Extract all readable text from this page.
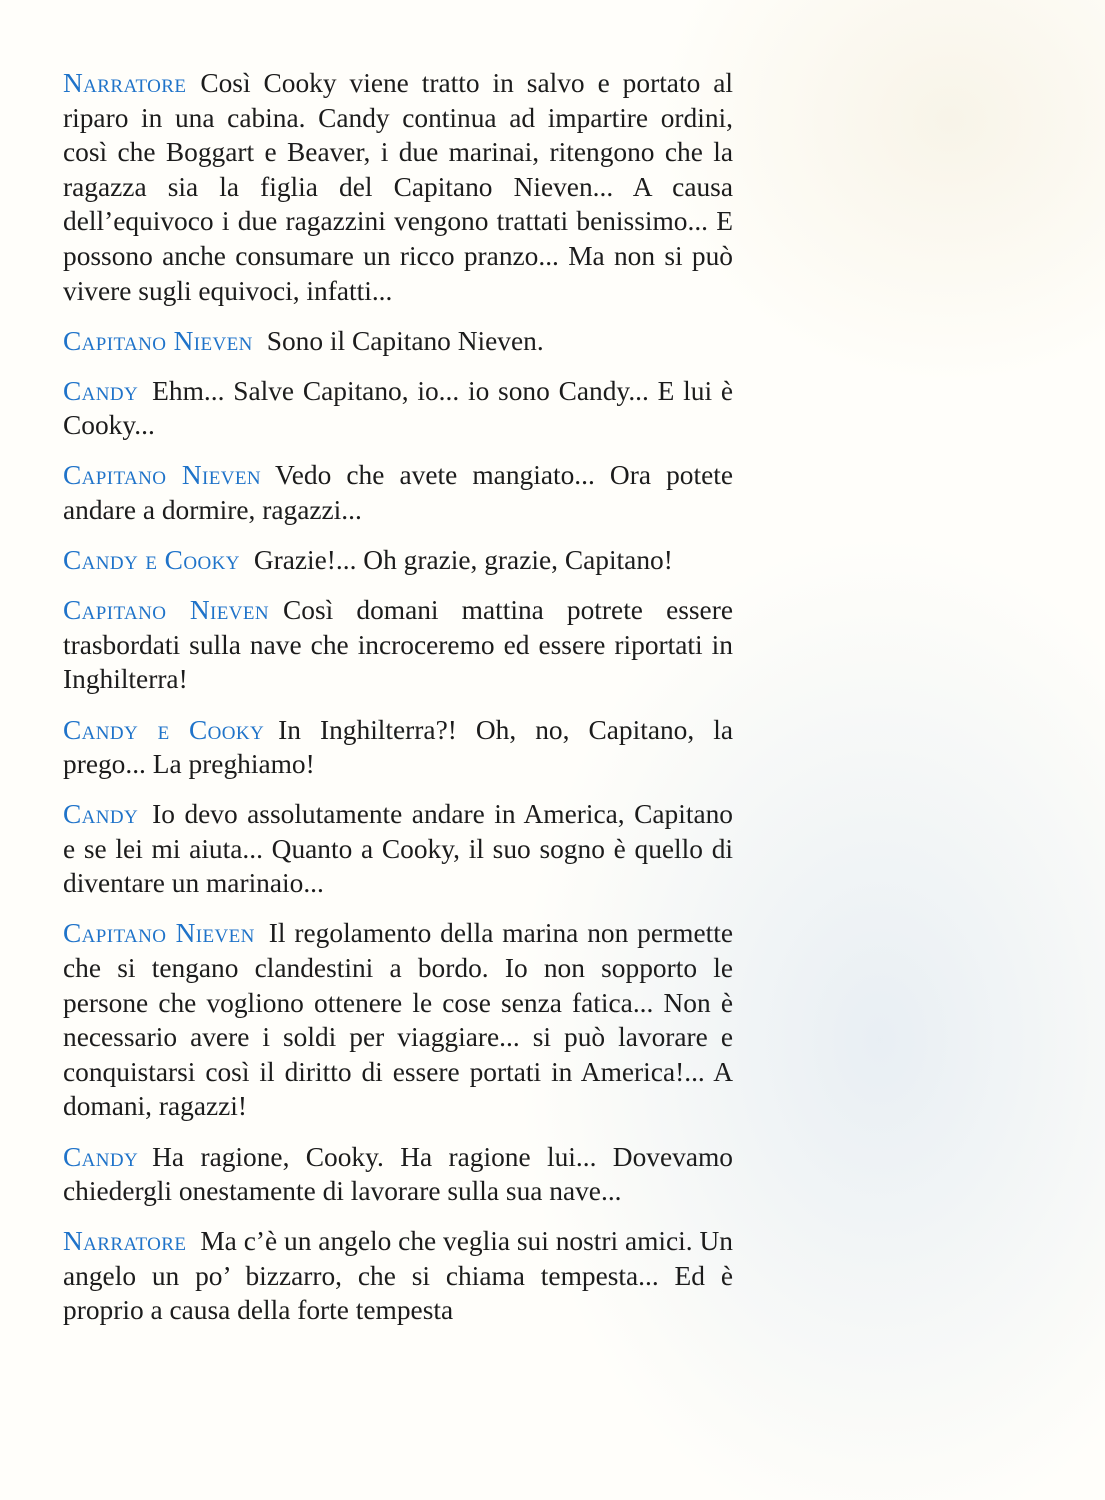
Narratore Così Cooky viene tratto in salvo e portato al riparo in una cabina. Candy continua ad impartire ordini, così che Boggart e Beaver, i due marinai, ritengono che la ragazza sia la figlia del Capitano Nieven... A causa dell’equivoco i due ragazzini vengono trattati benissimo... E possono anche consumare un ricco pranzo... Ma non si può vivere sugli equivoci, infatti...

Capitano Nieven Sono il Capitano Nieven.

Candy Ehm... Salve Capitano, io... io sono Candy... E lui è Cooky...

Capitano Nieven Vedo che avete mangiato... Ora potete andare a dormire, ragazzi...

Candy e Cooky Grazie!... Oh grazie, grazie, Capitano!

Capitano Nieven Così domani mattina potrete essere trasbordati sulla nave che incroceremo ed essere riportati in Inghilterra!

Candy e Cooky In Inghilterra?! Oh, no, Capitano, la prego... La preghiamo!

Candy Io devo assolutamente andare in America, Capitano e se lei mi aiuta... Quanto a Cooky, il suo sogno è quello di diventare un marinaio...

Capitano Nieven Il regolamento della marina non permette che si tengano clandestini a bordo. Io non sopporto le persone che vogliono ottenere le cose senza fatica... Non è necessario avere i soldi per viaggiare... si può lavorare e conquistarsi così il diritto di essere portati in America!... A domani, ragazzi!

Candy Ha ragione, Cooky. Ha ragione lui... Dovevamo chiedergli onestamente di lavorare sulla sua nave...

Narratore Ma c’è un angelo che veglia sui nostri amici. Un angelo un po’ bizzarro, che si chiama tempesta... Ed è proprio a causa della forte tempesta
